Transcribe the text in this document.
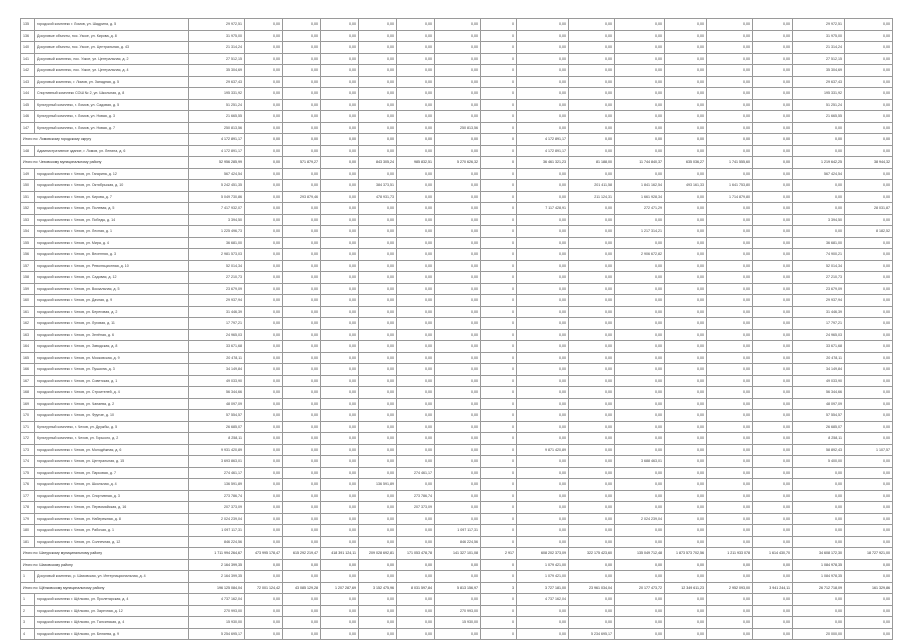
135	городской комплекс г. Ломов, ул. Шадрина, д. 5	29 972,51	0,00	0,00	0,00	0,00	0,00	0,00	0	0,00	0,00	0,00	0,00	0,00	0,00	29 972,51	0,00
136	Досуговые объекты, пос. Узкое, ул. Кирова, д. 8	31 975,00	0,00	0,00	0,00	0,00	0,00	0,00	0	0,00	0,00	0,00	0,00	0,00	0,00	31 975,00	0,00
140	Досуговые объекты, пос. Узкое, ул. Центральная, д. 43	21 314,24	0,00	0,00	0,00	0,00	0,00	0,00	0	0,00	0,00	0,00	0,00	0,00	0,00	21 314,24	0,00
141	Досуговый комплекс, пос. Узкое, ул. Центральная, д. 2	27 512,15	0,00	0,00	0,00	0,00	0,00	0,00	0	0,00	0,00	0,00	0,00	0,00	0,00	27 512,15	0,00
142	Досуговый комплекс, пос. Узкое, ул. Центральная, д. 4	35 304,69	0,00	0,00	0,00	0,00	0,00	0,00	0	0,00	0,00	0,00	0,00	0,00	0,00	35 304,69	0,00
143	Досуговый комплекс, г. Ломов, ул. Западная, д. 5	29 637,43	0,00	0,00	0,00	0,00	0,00	0,00	0	0,00	0,00	0,00	0,00	0,00	0,00	29 637,43	0,00
144	Спортивный комплекс СОШ № 2, ул. Школьная, д. 8	195 331,92	0,00	0,00	0,00	0,00	0,00	0,00	0	0,00	0,00	0,00	0,00	0,00	0,00	195 331,92	0,00
145	Культурный комплекс, г. Ломов, ул. Садовая, д. 5	51 251,24	0,00	0,00	0,00	0,00	0,00	0,00	0	0,00	0,00	0,00	0,00	0,00	0,00	51 251,24	0,00
146	Культурный комплекс, г. Ломов, ул. Новая, д. 3	21 665,55	0,00	0,00	0,00	0,00	0,00	0,00	0	0,00	0,00	0,00	0,00	0,00	0,00	21 665,55	0,00
147	Культурный комплекс, г. Ломов, ул. Новая, д. 7	250 813,56	0,00	0,00	0,00	0,00	0,00	250 813,56	0	0,00	0,00	0,00	0,00	0,00	0,00	0,00	0,00
Итого по: Ломовскому городскому округу		4 172 891,17	0,00	0,00	0,00	0,00	0,00	0,00	0	4 172 891,17	0,00	0,00	0,00	0,00	0,00	0,00	0,00
148	Административное здание, г. Ломов, ул. Ленина, д. 6	4 172 891,17	0,00	0,00	0,00	0,00	0,00	0,00	0	4 172 891,17	0,00	0,00	0,00	0,00	0,00	0,00	0,00
Итого по: Чеховскому муниципальному району		52 956 285,99	0,00	571 879,27	0,00	843 305,24	985 832,51	5 270 626,32	0	36 461 321,23	81 188,00	11 744 840,37	635 036,27	1 741 555,60	0,00	1 219 642,25	38 944,32
149	городской комплекс г. Чехов, ул. Гагарина, д. 12	567 424,54	0,00	0,00	0,00	0,00	0,00	0,00	0	0,00	0,00	0,00	0,00	0,00	0,00	567 424,54	0,00
150	городской комплекс г. Чехов, ул. Октябрьская, д. 10	5 242 451,35	0,00	0,00	0,00	384 373,51	0,00	0,00	0	0,00	201 411,58	1 841 162,54	493 161,33	1 641 753,80	0,00	0,00	0,00
151	городской комплекс г. Чехов, ул. Кирова, д. 7	5 049 730,86	0,00	293 879,46	0,00	478 931,73	0,00	0,00	0	0,00	211 124,31	1 661 928,34	0,00	1 714 879,80	0,00	0,00	0,00
152	городской комплекс г. Чехов, ул. Полевая, д. 5	7 417 932,07	0,00	0,00	0,00	0,00	0,00	0,00	0	7 117 428,91	0,00	272 471,29	0,00	0,00	0,00	0,00	28 031,87
153	городской комплекс г. Чехов, ул. Победы, д. 14	3 394,50	0,00	0,00	0,00	0,00	0,00	0,00	0	0,00	0,00	0,00	0,00	0,00	0,00	3 394,50	0,00
154	городской комплекс г. Чехов, ул. Лесная, д. 1	1 225 496,73	0,00	0,00	0,00	0,00	0,00	0,00	0	0,00	0,00	1 217 314,21	0,00	0,00	0,00	0,00	8 182,52
155	городской комплекс г. Чехов, ул. Мира, д. 4	36 681,00	0,00	0,00	0,00	0,00	0,00	0,00	0	0,00	0,00	0,00	0,00	0,00	0,00	36 681,00	0,00
156	городской комплекс г. Чехов, ул. Весенняя, д. 3	2 981 573,03	0,00	0,00	0,00	0,00	0,00	0,00	0	0,00	0,00	2 906 672,82	0,00	0,00	0,00	74 900,21	0,00
157	городской комплекс г. Чехов, ул. Революционная, д. 10	52 014,34	0,00	0,00	0,00	0,00	0,00	0,00	0	0,00	0,00	0,00	0,00	0,00	0,00	52 014,34	0,00
158	городской комплекс г. Чехов, ул. Садовая, д. 12	27 210,73	0,00	0,00	0,00	0,00	0,00	0,00	0	0,00	0,00	0,00	0,00	0,00	0,00	27 210,73	0,00
159	городской комплекс г. Чехов, ул. Вокзальная, д. 5	23 679,09	0,00	0,00	0,00	0,00	0,00	0,00	0	0,00	0,00	0,00	0,00	0,00	0,00	23 679,09	0,00
160	городской комплекс г. Чехов, ул. Дачная, д. 9	29 937,94	0,00	0,00	0,00	0,00	0,00	0,00	0	0,00	0,00	0,00	0,00	0,00	0,00	29 937,94	0,00
161	городской комплекс г. Чехов, ул. Береговая, д. 2	31 446,39	0,00	0,00	0,00	0,00	0,00	0,00	0	0,00	0,00	0,00	0,00	0,00	0,00	31 446,39	0,00
162	городской комплекс г. Чехов, ул. Луговая, д. 11	17 797,21	0,00	0,00	0,00	0,00	0,00	0,00	0	0,00	0,00	0,00	0,00	0,00	0,00	17 797,21	0,00
163	городской комплекс г. Чехов, ул. Зелёная, д. 6	24 965,03	0,00	0,00	0,00	0,00	0,00	0,00	0	0,00	0,00	0,00	0,00	0,00	0,00	24 965,03	0,00
164	городской комплекс г. Чехов, ул. Заводская, д. 8	33 671,68	0,00	0,00	0,00	0,00	0,00	0,00	0	0,00	0,00	0,00	0,00	0,00	0,00	33 671,68	0,00
165	городской комплекс г. Чехов, ул. Московская, д. 9	20 478,11	0,00	0,00	0,00	0,00	0,00	0,00	0	0,00	0,00	0,00	0,00	0,00	0,00	20 478,11	0,00
166	городской комплекс г. Чехов, ул. Пушкина, д. 3	34 149,84	0,00	0,00	0,00	0,00	0,00	0,00	0	0,00	0,00	0,00	0,00	0,00	0,00	34 149,84	0,00
167	городской комплекс г. Чехов, ул. Советская, д. 1	49 033,90	0,00	0,00	0,00	0,00	0,00	0,00	0	0,00	0,00	0,00	0,00	0,00	0,00	49 033,90	0,00
168	городской комплекс г. Чехов, ул. Строителей, д. 4	56 344,66	0,00	0,00	0,00	0,00	0,00	0,00	0	0,00	0,00	0,00	0,00	0,00	0,00	56 344,66	0,00
169	городской комплекс г. Чехов, ул. Чапаева, д. 2	48 097,09	0,00	0,00	0,00	0,00	0,00	0,00	0	0,00	0,00	0,00	0,00	0,00	0,00	48 097,09	0,00
170	городской комплекс г. Чехов, ул. Фрунзе, д. 10	57 554,57	0,00	0,00	0,00	0,00	0,00	0,00	0	0,00	0,00	0,00	0,00	0,00	0,00	57 554,57	0,00
171	Культурный комплекс, г. Чехов, ул. Дружбы, д. 5	26 685,07	0,00	0,00	0,00	0,00	0,00	0,00	0	0,00	0,00	0,00	0,00	0,00	0,00	26 685,07	0,00
172	Культурный комплекс, г. Чехов, ул. Горького, д. 2	8 258,11	0,00	0,00	0,00	0,00	0,00	0,00	0	0,00	0,00	0,00	0,00	0,00	0,00	8 258,11	0,00
173	городской комплекс г. Чехов, ул. Молодёжная, д. 6	9 931 420,89	0,00	0,00	0,00	0,00	0,00	0,00	0	9 871 420,89	0,00	0,00	0,00	0,00	0,00	58 892,43	1 107,57
174	городской комплекс г. Чехов, ул. Центральная, д. 15	3 693 863,01	0,00	0,00	0,00	0,00	0,00	0,00	0	0,00	0,00	3 688 463,01	0,00	0,00	0,00	5 400,00	0,00
175	городской комплекс г. Чехов, ул. Парковая, д. 7	274 461,17	0,00	0,00	0,00	0,00	274 461,17	0,00	0	0,00	0,00	0,00	0,00	0,00	0,00	0,00	0,00
176	городской комплекс г. Чехов, ул. Школьная, д. 4	136 591,89	0,00	0,00	0,00	136 591,89	0,00	0,00	0	0,00	0,00	0,00	0,00	0,00	0,00	0,00	0,00
177	городской комплекс г. Чехов, ул. Спортивная, д. 3	273 786,74	0,00	0,00	0,00	0,00	273 786,74	0,00	0	0,00	0,00	0,00	0,00	0,00	0,00	0,00	0,00
178	городской комплекс г. Чехов, ул. Первомайская, д. 16	207 373,09	0,00	0,00	0,00	0,00	207 373,09	0,00	0	0,00	0,00	0,00	0,00	0,00	0,00	0,00	0,00
179	городской комплекс г. Чехов, ул. Набережная, д. 8	2 024 239,04	0,00	0,00	0,00	0,00	0,00	0,00	0	0,00	0,00	2 024 239,04	0,00	0,00	0,00	0,00	0,00
180	городской комплекс г. Чехов, ул. Рабочая, д. 1	1 097 117,31	0,00	0,00	0,00	0,00	0,00	1 097 117,31	0	0,00	0,00	0,00	0,00	0,00	0,00	0,00	0,00
181	городской комплекс г. Чехов, ул. Солнечная, д. 12	846 224,56	0,00	0,00	0,00	0,00	0,00	846 224,56	0	0,00	0,00	0,00	0,00	0,00	0,00	0,00	0,00
Итого по: Шатурскому муниципальному району		1 711 994 264,67	473 995 178,47	615 292 219,47	418 391 124,11	209 028 692,81	171 053 478,78	141 327 101,08	2 917	608 202 373,09	322 175 423,60	135 049 712,48	1 873 573 702,56	1 211 933 078	1 614 430,70	34 608 172,30	18 727 921,00
Итого по: Шаховскому району		2 164 399,35	0,00	0,00	0,00	0,00	0,00	0,00	0	1 079 421,00	0,00	0,00	0,00	0,00	0,00	1 084 978,35	0,00
1	Досуговый комплекс, р. Шаховская, ул. Интернациональная, д. 4	2 164 399,35	0,00	0,00	0,00	0,00	0,00	0,00	0	1 079 421,00	0,00	0,00	0,00	0,00	0,00	1 084 978,35	0,00
Итого по: Щёлковскому муниципальному району		196 125 084,04	72 001 124,42	43 085 129,28	1 207 287,69	3 152 475,96	8 031 597,84	5 813 156,97	3	3 727 181,00	23 961 034,04	20 177 473,72	12 349 611,23	2 952 093,00	3 941 244,11	26 712 718,09	161 329,86
1	городской комплекс г. Щёлково, ул. Пролетарская, д. 4	4 737 162,04	0,00	0,00	0,00	0,00	0,00	0,00	0	4 737 162,04	0,00	0,00	0,00	0,00	0,00	0,00	0,00
2	городской комплекс г. Щёлково, ул. Заречная, д. 12	270 993,00	0,00	0,00	0,00	0,00	0,00	270 993,00	0	0,00	0,00	0,00	0,00	0,00	0,00	0,00	0,00
3	городской комплекс г. Щёлково, ул. Талсинская, д. 4	15 930,00	0,00	0,00	0,00	0,00	0,00	15 930,00	0	0,00	0,00	0,00	0,00	0,00	0,00	0,00	0,00
4	городской комплекс г. Щёлково, ул. Беляева, д. 9	5 254 695,17	0,00	0,00	0,00	0,00	0,00	0,00	0	0,00	5 234 695,17	0,00	0,00	0,00	0,00	20 000,00	0,00
